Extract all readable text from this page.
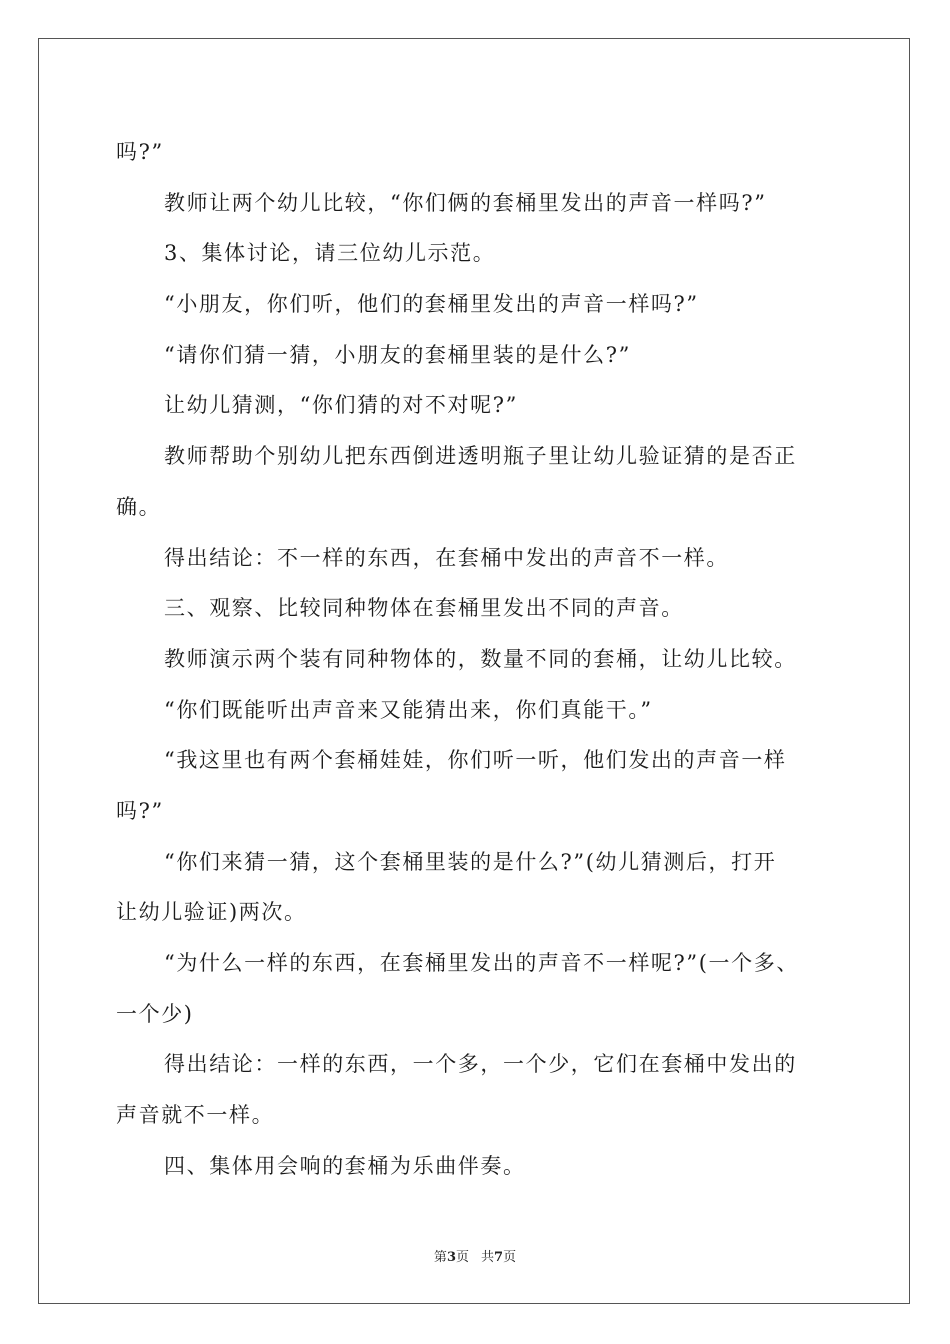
吗?”

教师让两个幼儿比较，“你们俩的套桶里发出的声音一样吗?”

3、集体讨论，请三位幼儿示范。

“小朋友，你们听，他们的套桶里发出的声音一样吗?”

“请你们猜一猜，小朋友的套桶里装的是什么?”

让幼儿猜测，“你们猜的对不对呢?”

教师帮助个别幼儿把东西倒进透明瓶子里让幼儿验证猜的是否正
确。

得出结论：不一样的东西，在套桶中发出的声音不一样。

三、观察、比较同种物体在套桶里发出不同的声音。

教师演示两个装有同种物体的，数量不同的套桶，让幼儿比较。

“你们既能听出声音来又能猜出来，你们真能干。”

“我这里也有两个套桶娃娃，你们听一听，他们发出的声音一样
吗?”

“你们来猜一猜，这个套桶里装的是什么?”(幼儿猜测后，打开
让幼儿验证)两次。

“为什么一样的东西，在套桶里发出的声音不一样呢?”(一个多、
一个少)

得出结论：一样的东西，一个多，一个少，它们在套桶中发出的
声音就不一样。

四、集体用会响的套桶为乐曲伴奏。

第3页 共7页
